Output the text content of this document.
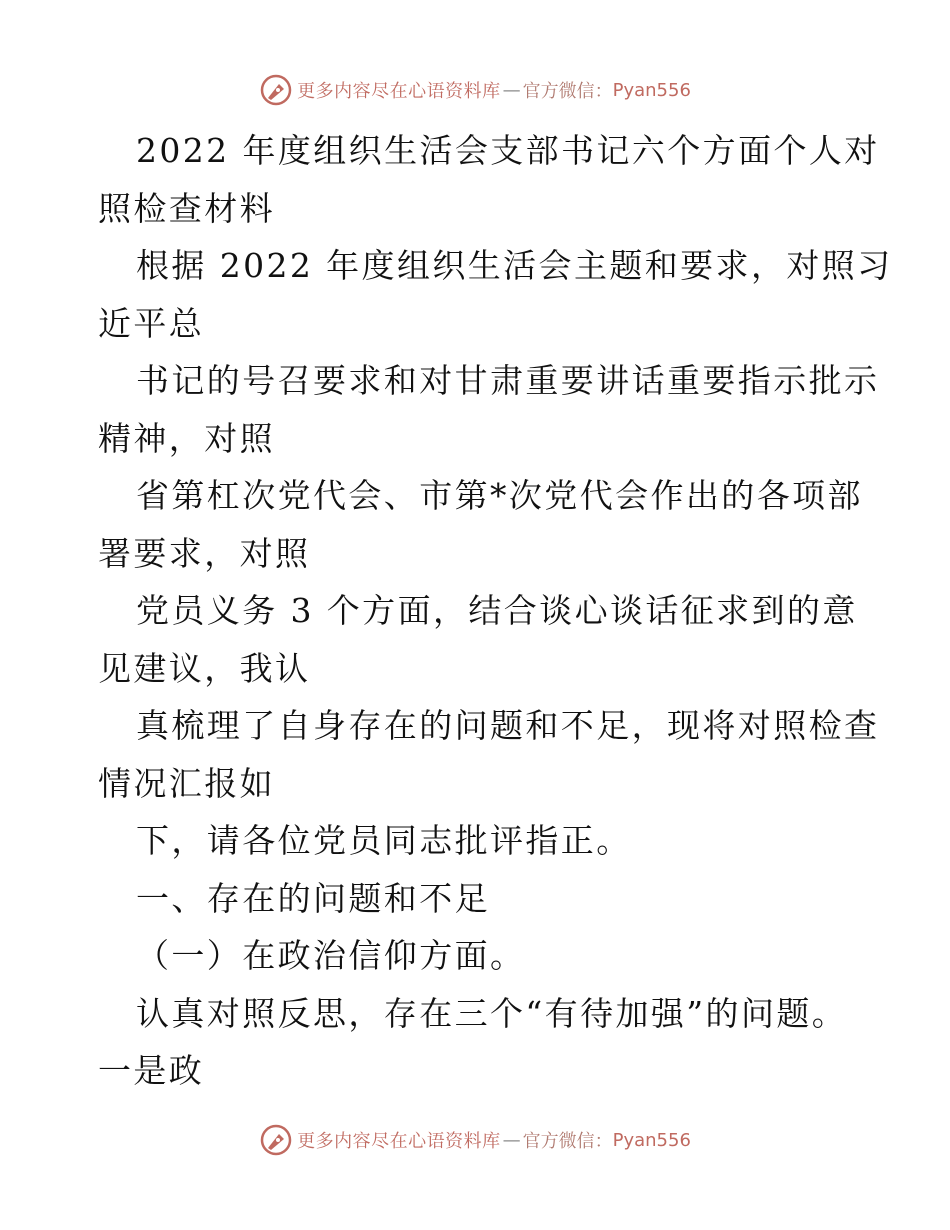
更多内容尽在心语资料库 — 官方微信： Pyan556

2022 年度组织生活会支部书记六个方面个人对

照检查材料

根据 2022 年度组织生活会主题和要求，对照习

近平总

书记的号召要求和对甘肃重要讲话重要指示批示

精神，对照

省第杠次党代会、市第*次党代会作出的各项部

署要求，对照

党员义务 3 个方面，结合谈心谈话征求到的意

见建议，我认

真梳理了自身存在的问题和不足，现将对照检查

情况汇报如

下，请各位党员同志批评指正。

一、存在的问题和不足

（一）在政治信仰方面。

认真对照反思，存在三个“有待加强”的问题。

一是政

更多内容尽在心语资料库 — 官方微信： Pyan556
